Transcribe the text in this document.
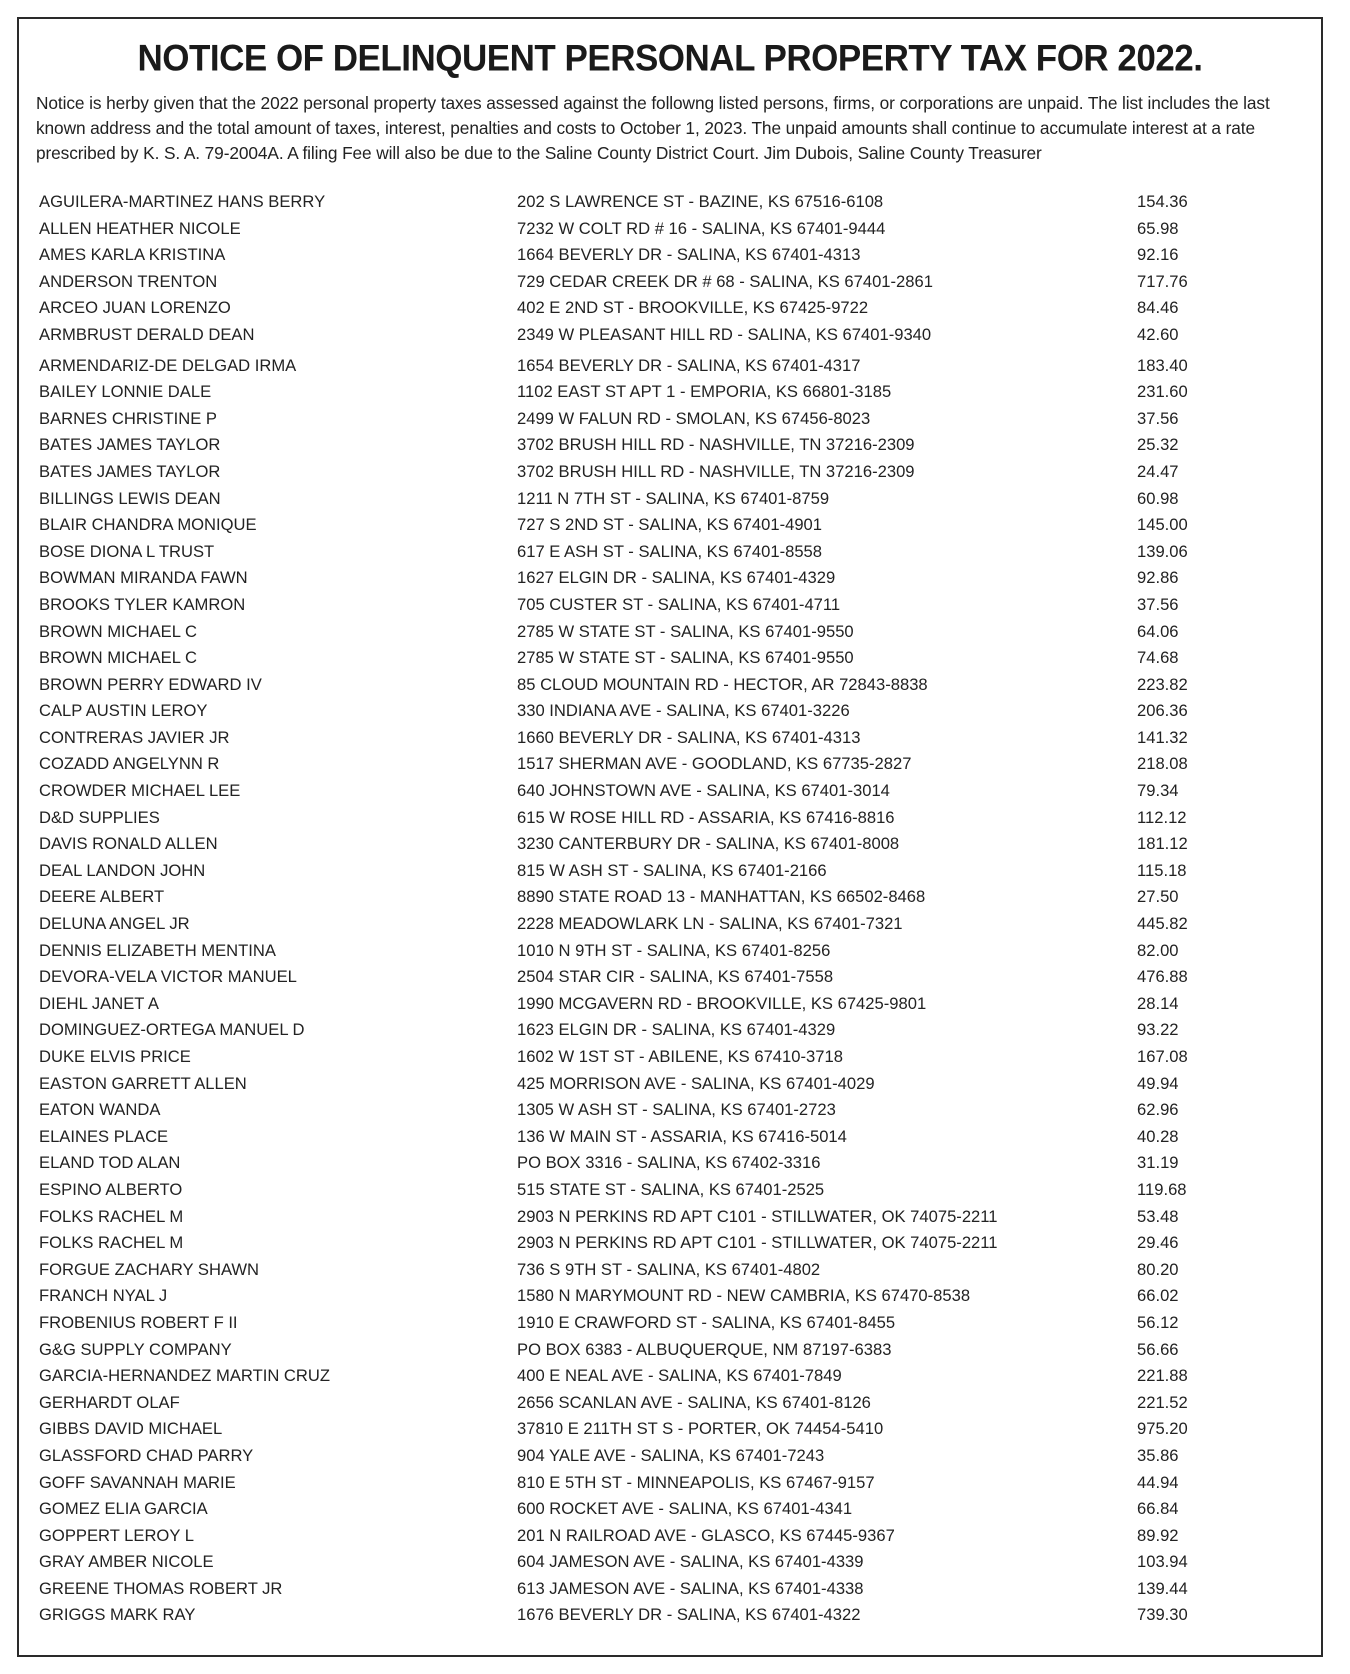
NOTICE OF DELINQUENT PERSONAL PROPERTY TAX FOR 2022.

Notice is herby given that the 2022 personal property taxes assessed against the followng listed persons, firms, or corporations are unpaid. The list includes the last known address and the total amount of taxes, interest, penalties and costs to October 1, 2023. The unpaid amounts shall continue to accumulate interest at a rate prescribed by K. S. A. 79-2004A. A filing Fee will also be due to the Saline County District Court. Jim Dubois, Saline County Treasurer

AGUILERA-MARTINEZ HANS BERRY	202 S LAWRENCE ST - BAZINE, KS 67516-6108	154.36
ALLEN HEATHER NICOLE	7232 W COLT RD # 16 - SALINA, KS 67401-9444	65.98
AMES KARLA KRISTINA	1664 BEVERLY DR - SALINA, KS 67401-4313	92.16
ANDERSON TRENTON	729 CEDAR CREEK DR # 68 - SALINA, KS 67401-2861	717.76
ARCEO JUAN LORENZO	402 E 2ND ST - BROOKVILLE, KS 67425-9722	84.46
ARMBRUST DERALD DEAN	2349 W PLEASANT HILL RD - SALINA, KS 67401-9340	42.60
ARMENDARIZ-DE DELGAD IRMA	1654 BEVERLY DR - SALINA, KS 67401-4317	183.40
BAILEY LONNIE DALE	1102 EAST ST APT 1 - EMPORIA, KS 66801-3185	231.60
BARNES CHRISTINE P	2499 W FALUN RD - SMOLAN, KS 67456-8023	37.56
BATES JAMES TAYLOR	3702 BRUSH HILL RD - NASHVILLE, TN 37216-2309	25.32
BATES JAMES TAYLOR	3702 BRUSH HILL RD - NASHVILLE, TN 37216-2309	24.47
BILLINGS LEWIS DEAN	1211 N 7TH ST - SALINA, KS 67401-8759	60.98
BLAIR CHANDRA MONIQUE	727 S 2ND ST - SALINA, KS 67401-4901	145.00
BOSE DIONA L TRUST	617 E ASH ST - SALINA, KS 67401-8558	139.06
BOWMAN MIRANDA FAWN	1627 ELGIN DR - SALINA, KS 67401-4329	92.86
BROOKS TYLER KAMRON	705 CUSTER ST - SALINA, KS 67401-4711	37.56
BROWN MICHAEL C	2785 W STATE ST - SALINA, KS 67401-9550	64.06
BROWN MICHAEL C	2785 W STATE ST - SALINA, KS 67401-9550	74.68
BROWN PERRY EDWARD IV	85 CLOUD MOUNTAIN RD - HECTOR, AR 72843-8838	223.82
CALP AUSTIN LEROY	330 INDIANA AVE - SALINA, KS 67401-3226	206.36
CONTRERAS JAVIER JR	1660 BEVERLY DR - SALINA, KS 67401-4313	141.32
COZADD ANGELYNN R	1517 SHERMAN AVE - GOODLAND, KS 67735-2827	218.08
CROWDER MICHAEL LEE	640 JOHNSTOWN AVE - SALINA, KS 67401-3014	79.34
D&D SUPPLIES	615 W ROSE HILL RD - ASSARIA, KS 67416-8816	112.12
DAVIS RONALD ALLEN	3230 CANTERBURY DR - SALINA, KS 67401-8008	181.12
DEAL LANDON JOHN	815 W ASH ST - SALINA, KS 67401-2166	115.18
DEERE ALBERT	8890 STATE ROAD 13 - MANHATTAN, KS 66502-8468	27.50
DELUNA ANGEL JR	2228 MEADOWLARK LN - SALINA, KS 67401-7321	445.82
DENNIS ELIZABETH MENTINA	1010 N 9TH ST - SALINA, KS 67401-8256	82.00
DEVORA-VELA VICTOR MANUEL	2504 STAR CIR - SALINA, KS 67401-7558	476.88
DIEHL JANET A	1990 MCGAVERN RD - BROOKVILLE, KS 67425-9801	28.14
DOMINGUEZ-ORTEGA MANUEL D	1623 ELGIN DR - SALINA, KS 67401-4329	93.22
DUKE ELVIS PRICE	1602 W 1ST ST - ABILENE, KS 67410-3718	167.08
EASTON GARRETT ALLEN	425 MORRISON AVE - SALINA, KS 67401-4029	49.94
EATON WANDA	1305 W ASH ST - SALINA, KS 67401-2723	62.96
ELAINES PLACE	136 W MAIN ST - ASSARIA, KS 67416-5014	40.28
ELAND TOD ALAN	PO BOX 3316 - SALINA, KS 67402-3316	31.19
ESPINO ALBERTO	515 STATE ST - SALINA, KS 67401-2525	119.68
FOLKS RACHEL M	2903 N PERKINS RD APT C101 - STILLWATER, OK 74075-2211	53.48
FOLKS RACHEL M	2903 N PERKINS RD APT C101 - STILLWATER, OK 74075-2211	29.46
FORGUE ZACHARY SHAWN	736 S 9TH ST - SALINA, KS 67401-4802	80.20
FRANCH NYAL J	1580 N MARYMOUNT RD - NEW CAMBRIA, KS 67470-8538	66.02
FROBENIUS ROBERT F II	1910 E CRAWFORD ST - SALINA, KS 67401-8455	56.12
G&G SUPPLY COMPANY	PO BOX 6383 - ALBUQUERQUE, NM 87197-6383	56.66
GARCIA-HERNANDEZ MARTIN CRUZ	400 E NEAL AVE - SALINA, KS 67401-7849	221.88
GERHARDT OLAF	2656 SCANLAN AVE - SALINA, KS 67401-8126	221.52
GIBBS DAVID MICHAEL	37810 E 211TH ST S - PORTER, OK 74454-5410	975.20
GLASSFORD CHAD PARRY	904 YALE AVE - SALINA, KS 67401-7243	35.86
GOFF SAVANNAH MARIE	810 E 5TH ST - MINNEAPOLIS, KS 67467-9157	44.94
GOMEZ ELIA GARCIA	600 ROCKET AVE - SALINA, KS 67401-4341	66.84
GOPPERT LEROY L	201 N RAILROAD AVE - GLASCO, KS 67445-9367	89.92
GRAY AMBER NICOLE	604 JAMESON AVE - SALINA, KS 67401-4339	103.94
GREENE THOMAS ROBERT JR	613 JAMESON AVE - SALINA, KS 67401-4338	139.44
GRIGGS MARK RAY	1676 BEVERLY DR - SALINA, KS 67401-4322	739.30
